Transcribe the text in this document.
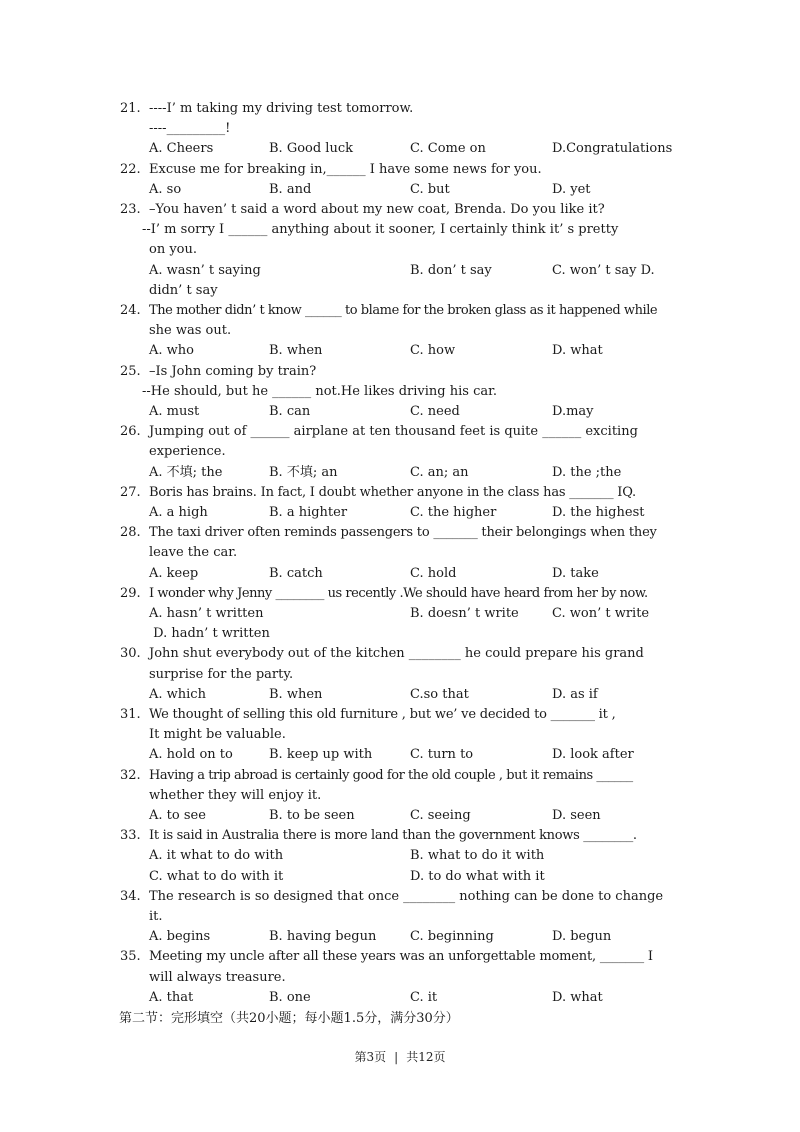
21. ----I’ m taking my driving test tomorrow.
----_________!
A. Cheers	B. Good luck	C. Come on	D.Congratulations
22. Excuse me for breaking in,______ I have some news for you.
A. so	B. and	C. but	D. yet
23. –You haven’ t said a word about my new coat, Brenda. Do you like it?
--I’ m sorry I ______ anything about it sooner, I certainly think it’ s pretty
on you.
A. wasn’ t saying	B. don’ t say	C. won’ t say D.
didn’ t say
24. The mother didn’ t know ______ to blame for the broken glass as it happened while
she was out.
A. who	B. when	C. how	D. what
25. –Is John coming by train?
--He should, but he ______ not.He likes driving his car.
A. must	B. can	C. need	D.may
26. Jumping out of ______ airplane at ten thousand feet is quite ______ exciting
experience.
A. 不填; the	B. 不填; an	C. an; an	D. the ;the
27. Boris has brains. In fact, I doubt whether anyone in the class has _______ IQ.
A. a high	B. a highter	C. the higher	D. the highest
28. The taxi driver often reminds passengers to _______ their belongings when they
leave the car.
A. keep	B. catch	C. hold	D. take
29. I wonder why Jenny ________ us recently .We should have heard from her by now.
A. hasn’ t written	B. doesn’ t write	C. won’ t write
D. hadn’ t written
30. John shut everybody out of the kitchen ________ he could prepare his grand
surprise for the party.
A. which	B. when	C.so that	D. as if
31. We thought of selling this old furniture , but we’ ve decided to _______ it ,
It might be valuable.
A. hold on to	B. keep up with	C. turn to	D. look after
32. Having a trip abroad is certainly good for the old couple , but it remains ______
whether they will enjoy it.
A. to see	B. to be seen	C. seeing	D. seen
33. It is said in Australia there is more land than the government knows ________.
A. it what to do with	B. what to do it with
C. what to do with it	D. to do what with it
34. The research is so designed that once ________ nothing can be done to change
it.
A. begins	B. having begun	C. beginning	D. begun
35. Meeting my uncle after all these years was an unforgettable moment, _______ I
will always treasure.
A. that	B. one	C. it	D. what
第二节：完形填空（共20小题；每小题1.5分，满分30分）
第3页 | 共12页
